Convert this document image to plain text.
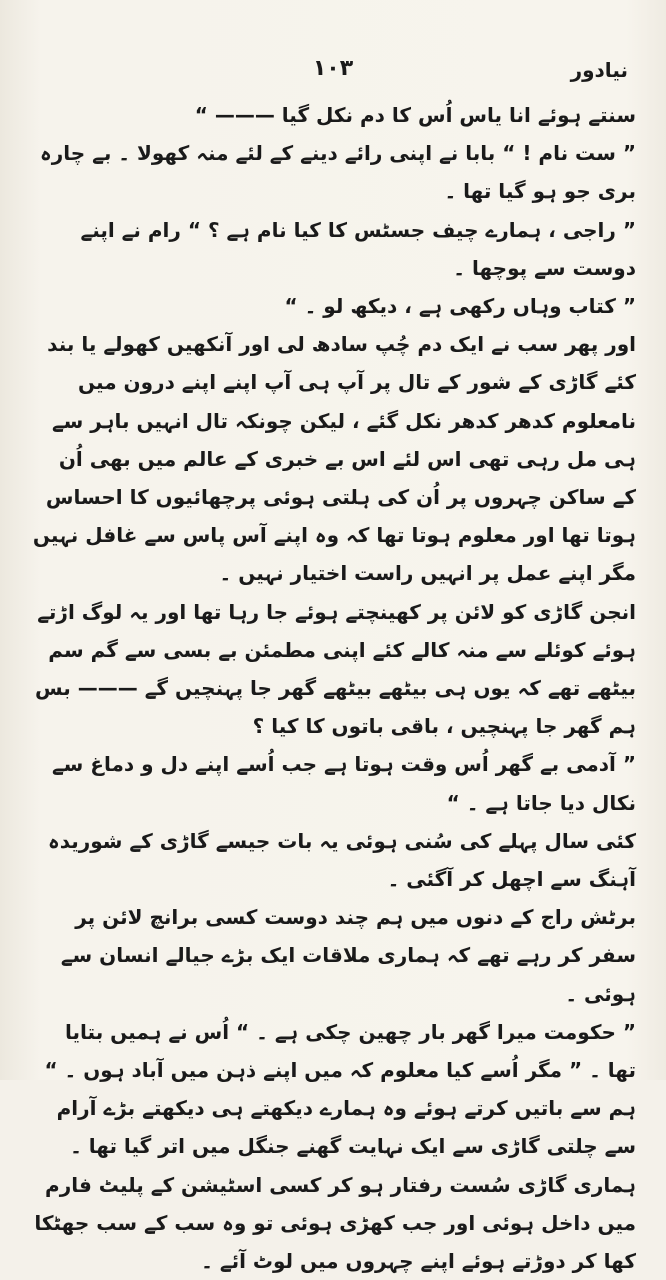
نیادور
۱۰۳

سنتے ہوئے انا یاس اُس کا دم نکل گیا ——— “

” ست نام ! “ بابا نے اپنی رائے دینے کے لئے منہ کھولا ۔ بے چارہ بری جو ہو گیا تھا ۔

” راجی ، ہمارے چیف جسٹس کا کیا نام ہے ؟ “ رام نے اپنے دوست سے پوچھا ۔

” کتاب وہاں رکھی ہے ، دیکھ لو ۔ “

اور پھر سب نے ایک دم چُپ سادھ لی اور آنکھیں کھولے یا بند کئے گاڑی کے شور کے تال پر آپ ہی آپ اپنے اپنے درون میں نامعلوم کدھر کدھر نکل گئے ، لیکن چونکہ تال انہیں باہر سے ہی مل رہی تھی اس لئے اس بے خبری کے عالم میں بھی اُن کے ساکن چہروں پر اُن کی ہلتی ہوئی پرچھائیوں کا احساس ہوتا تھا اور معلوم ہوتا تھا کہ وہ اپنے آس پاس سے غافل نہیں مگر اپنے عمل پر انہیں راست اختیار نہیں ۔

انجن گاڑی کو لائن پر کھینچتے ہوئے جا رہا تھا اور یہ لوگ اڑتے ہوئے کوئلے سے منہ کالے کئے اپنی مطمئن بے بسی سے گم سم بیٹھے تھے کہ یوں ہی بیٹھے بیٹھے گھر جا پہنچیں گے ——— بس ہم گھر جا پہنچیں ، باقی باتوں کا کیا ؟

” آدمی بے گھر اُس وقت ہوتا ہے جب اُسے اپنے دل و دماغ سے نکال دیا جاتا ہے ۔ “

کئی سال پہلے کی سُنی ہوئی یہ بات جیسے گاڑی کے شوریدہ آہنگ سے اچھل کر آگئی ۔

برٹش راج کے دنوں میں ہم چند دوست کسی برانچ لائن پر سفر کر رہے تھے کہ ہماری ملاقات ایک بڑے جیالے انسان سے ہوئی ۔

” حکومت میرا گھر بار چھین چکی ہے ۔ “ اُس نے ہمیں بتایا تھا ۔ ” مگر اُسے کیا معلوم کہ میں اپنے ذہن میں آباد ہوں ۔ “

ہم سے باتیں کرتے ہوئے وہ ہمارے دیکھتے ہی دیکھتے بڑے آرام سے چلتی گاڑی سے ایک نہایت گھنے جنگل میں اتر گیا تھا ۔

ہماری گاڑی سُست رفتار ہو کر کسی اسٹیشن کے پلیٹ فارم میں داخل ہوئی اور جب کھڑی ہوئی تو وہ سب کے سب جھٹکا کھا کر دوڑتے ہوئے اپنے چہروں میں لوٹ آئے ۔
